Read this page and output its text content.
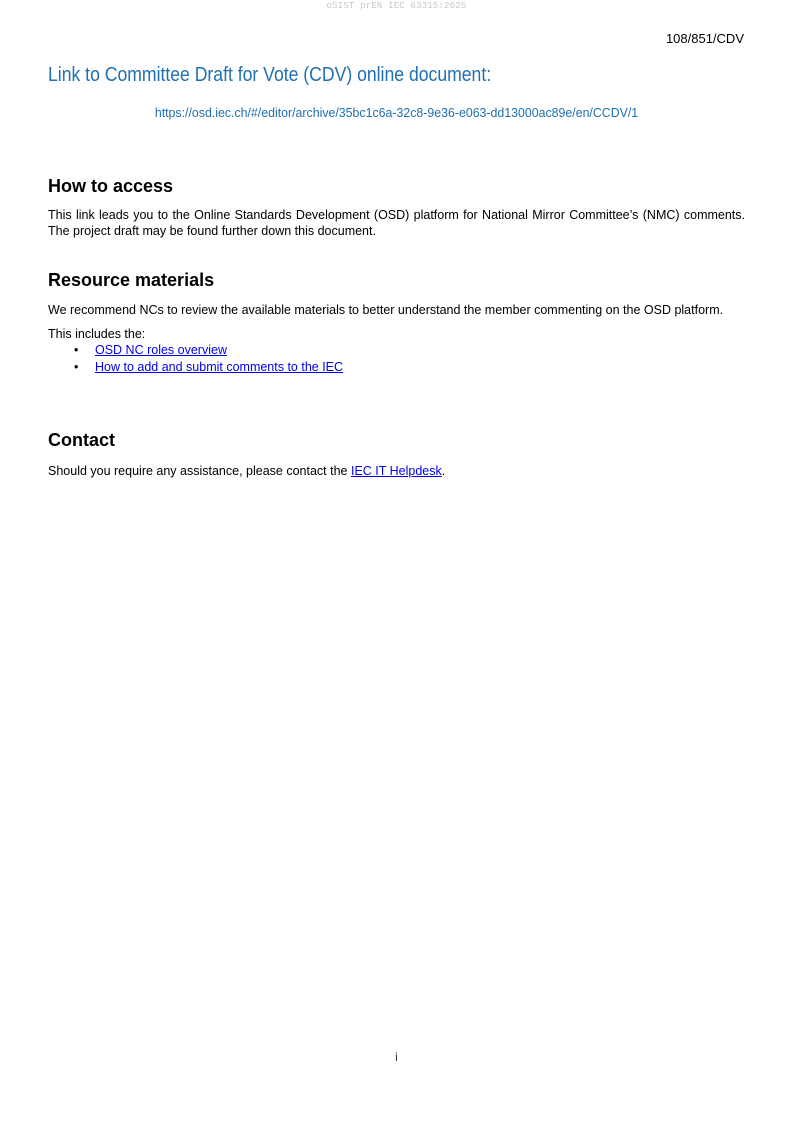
oSIST prEN IEC 63315:2025
108/851/CDV
Link to Committee Draft for Vote (CDV) online document:
https://osd.iec.ch/#/editor/archive/35bc1c6a-32c8-9e36-e063-dd13000ac89e/en/CCDV/1
How to access

This link leads you to the Online Standards Development (OSD) platform for National Mirror Committee’s (NMC) comments. The project draft may be found further down this document.

Resource materials

We recommend NCs to review the available materials to better understand the member commenting on the OSD platform.

This includes the:

• OSD NC roles overview
• How to add and submit comments to the IEC
Contact

Should you require any assistance, please contact the IEC IT Helpdesk.

i
